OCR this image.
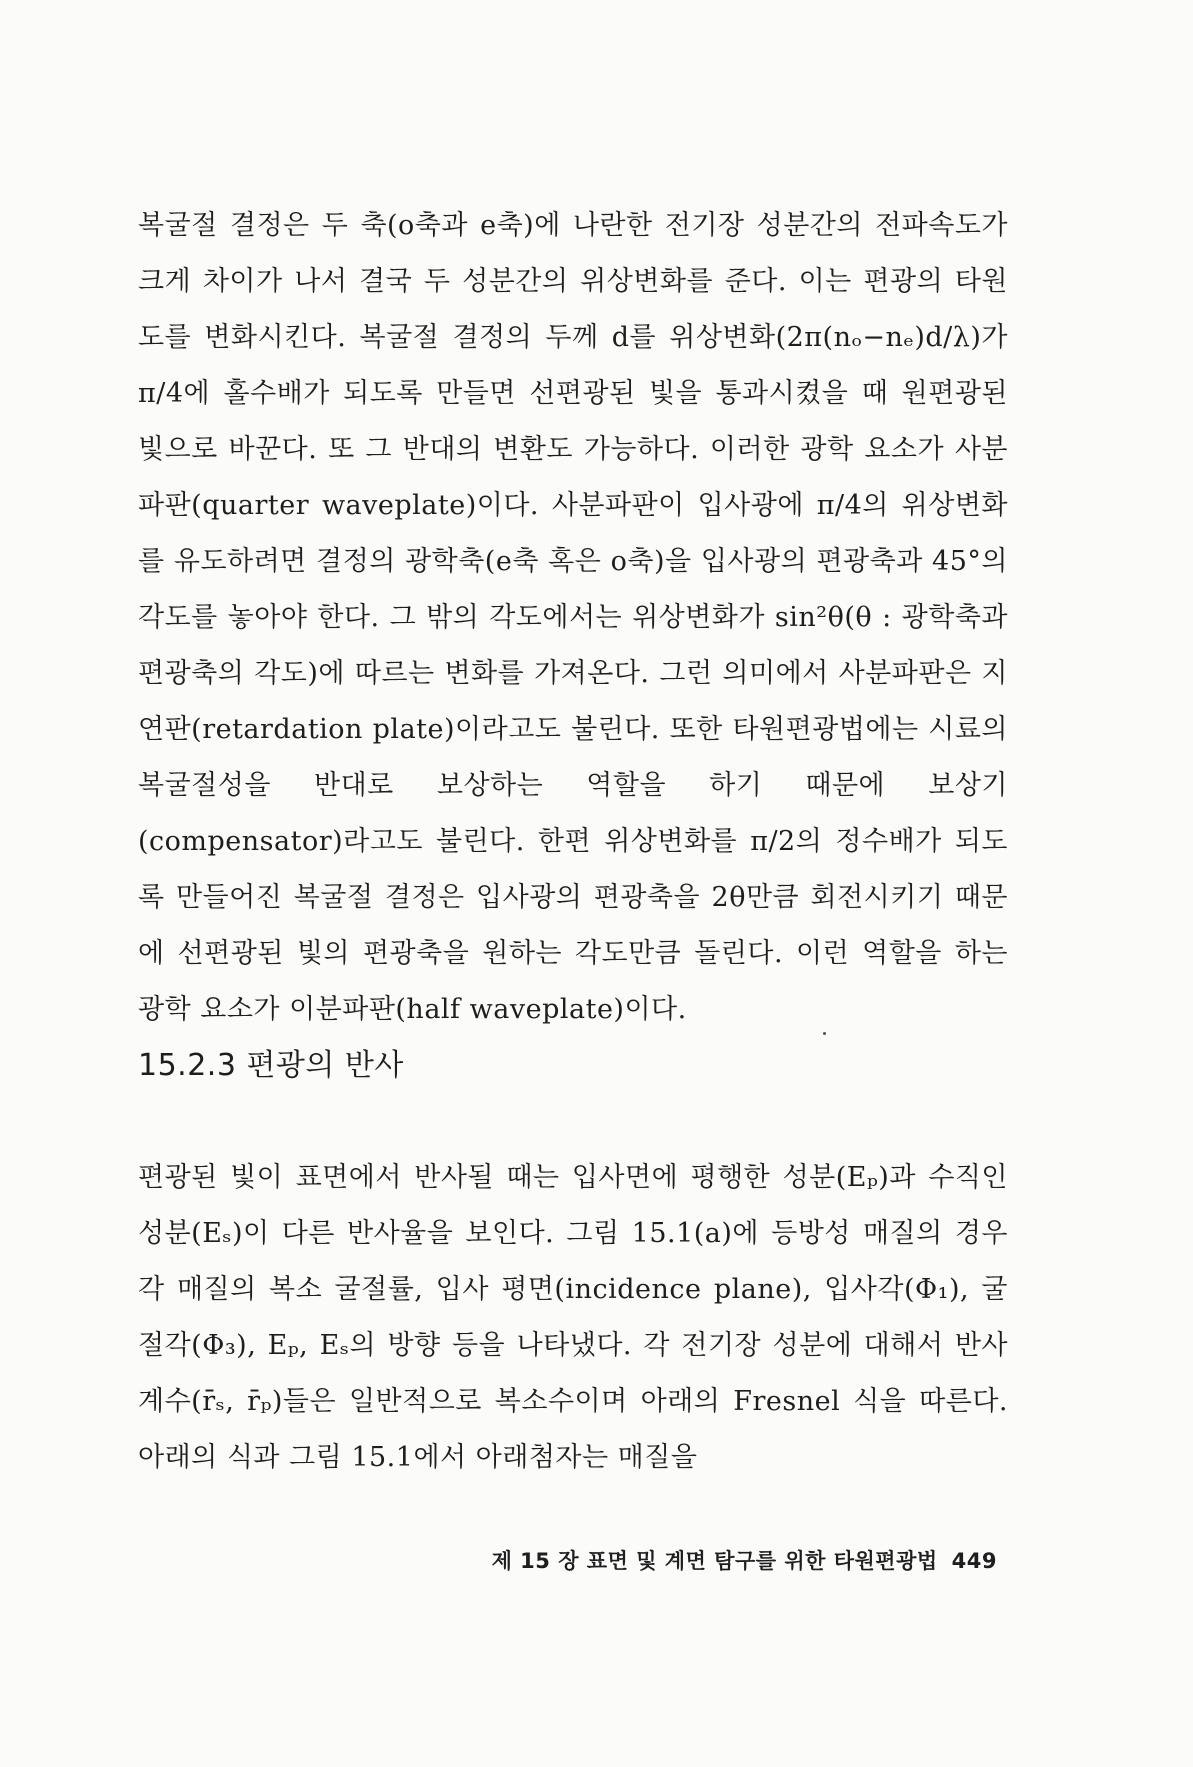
복굴절 결정은 두 축(o축과 e축)에 나란한 전기장 성분간의 전파속도가 크게 차이가 나서 결국 두 성분간의 위상변화를 준다. 이는 편광의 타원도를 변화시킨다. 복굴절 결정의 두께 d를 위상변화(2π(nₒ−nₑ)d/λ)가 π/4에 홀수배가 되도록 만들면 선편광된 빛을 통과시켰을 때 원편광된 빛으로 바꾼다. 또 그 반대의 변환도 가능하다. 이러한 광학 요소가 사분파판(quarter waveplate)이다. 사분파판이 입사광에 π/4의 위상변화를 유도하려면 결정의 광학축(e축 혹은 o축)을 입사광의 편광축과 45°의 각도를 놓아야 한다. 그 밖의 각도에서는 위상변화가 sin²θ(θ : 광학축과 편광축의 각도)에 따르는 변화를 가져온다. 그런 의미에서 사분파판은 지연판(retardation plate)이라고도 불린다. 또한 타원편광법에는 시료의 복굴절성을 반대로 보상하는 역할을 하기 때문에 보상기(compensator)라고도 불린다. 한편 위상변화를 π/2의 정수배가 되도록 만들어진 복굴절 결정은 입사광의 편광축을 2θ만큼 회전시키기 때문에 선편광된 빛의 편광축을 원하는 각도만큼 돌린다. 이런 역할을 하는 광학 요소가 이분파판(half waveplate)이다.

15.2.3 편광의 반사

편광된 빛이 표면에서 반사될 때는 입사면에 평행한 성분(Eₚ)과 수직인 성분(Eₛ)이 다른 반사율을 보인다. 그림 15.1(a)에 등방성 매질의 경우 각 매질의 복소 굴절률, 입사 평면(incidence plane), 입사각(Φ₁), 굴절각(Φ₃), Eₚ, Eₛ의 방향 등을 나타냈다. 각 전기장 성분에 대해서 반사 계수(r̄ₛ, r̄ₚ)들은 일반적으로 복소수이며 아래의 Fresnel 식을 따른다. 아래의 식과 그림 15.1에서 아래첨자는 매질을

제 15 장 표면 및 계면 탐구를 위한 타원편광법 449
